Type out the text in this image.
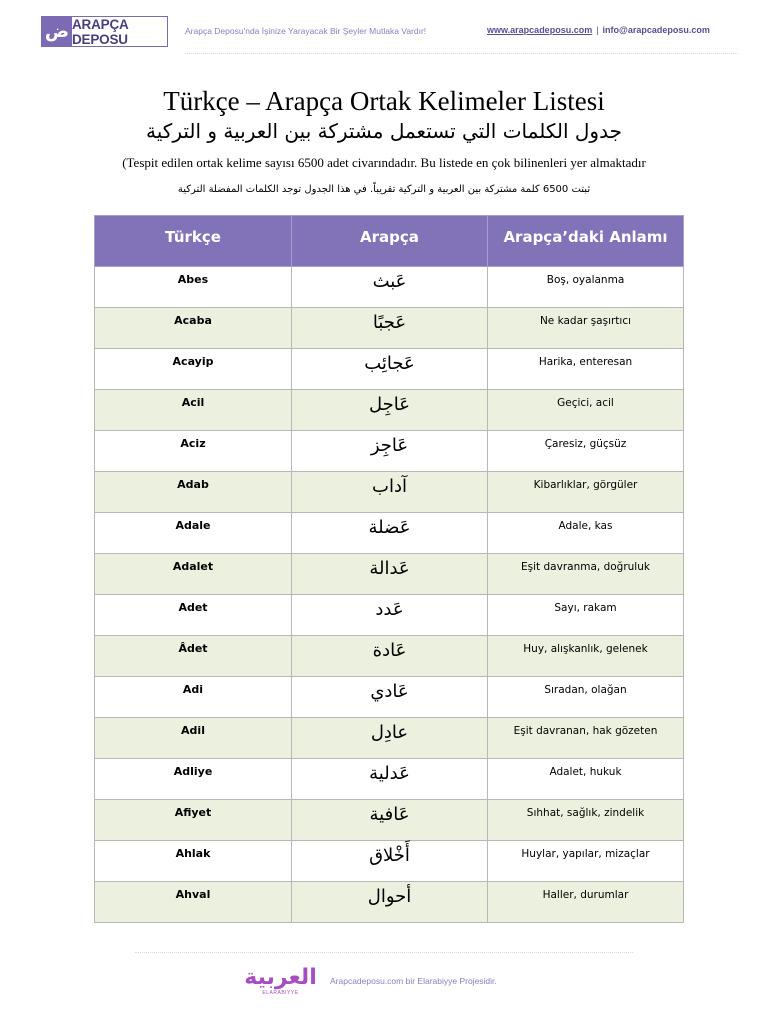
ض ARAPÇA DEPOSU
Arapça Deposu'nda İşinize Yarayacak Bir Şeyler Mutlaka Vardır!	www.arapcadeposu.com | info@arapcadeposu.com
Türkçe – Arapça Ortak Kelimeler Listesi
جدول الكلمات التي تستعمل مشتركة بين العربية و التركية
(Tespit edilen ortak kelime sayısı 6500 adet civarındadır. Bu listede en çok bilinenleri yer almaktadır
ثبتت 6500 كلمة مشتركة بين العربية و التركية تقريباً. في هذا الجدول توجد الكلمات المفضلة التركية
Türkçe	Arapça	Arapça’daki Anlamı

Abes	عَبث	Boş, oyalanma

Acaba	عَجبًا	Ne kadar şaşırtıcı

Acayip	عَجائِب	Harika, enteresan

Acil	عَاجِل	Geçici, acil

Aciz	عَاجِز	Çaresiz, güçsüz

Adab	آداب	Kibarlıklar, görgüler

Adale	عَضلة	Adale, kas

Adalet	عَدالة	Eşit davranma, doğruluk

Adet	عَدد	Sayı, rakam

Âdet	عَادة	Huy, alışkanlık, gelenek

Adi	عَادي	Sıradan, olağan

Adil	عادِل	Eşit davranan, hak gözeten

Adliye	عَدلية	Adalet, hukuk

Afiyet	عَافية	Sıhhat, sağlık, zindelik

Ahlak	أَخْلاق	Huylar, yapılar, mizaçlar

Ahval	أحوال	Haller, durumlar
العربية
ELARABIYYE
Arapcadeposu.com bir Elarabiyye Projesidir.
